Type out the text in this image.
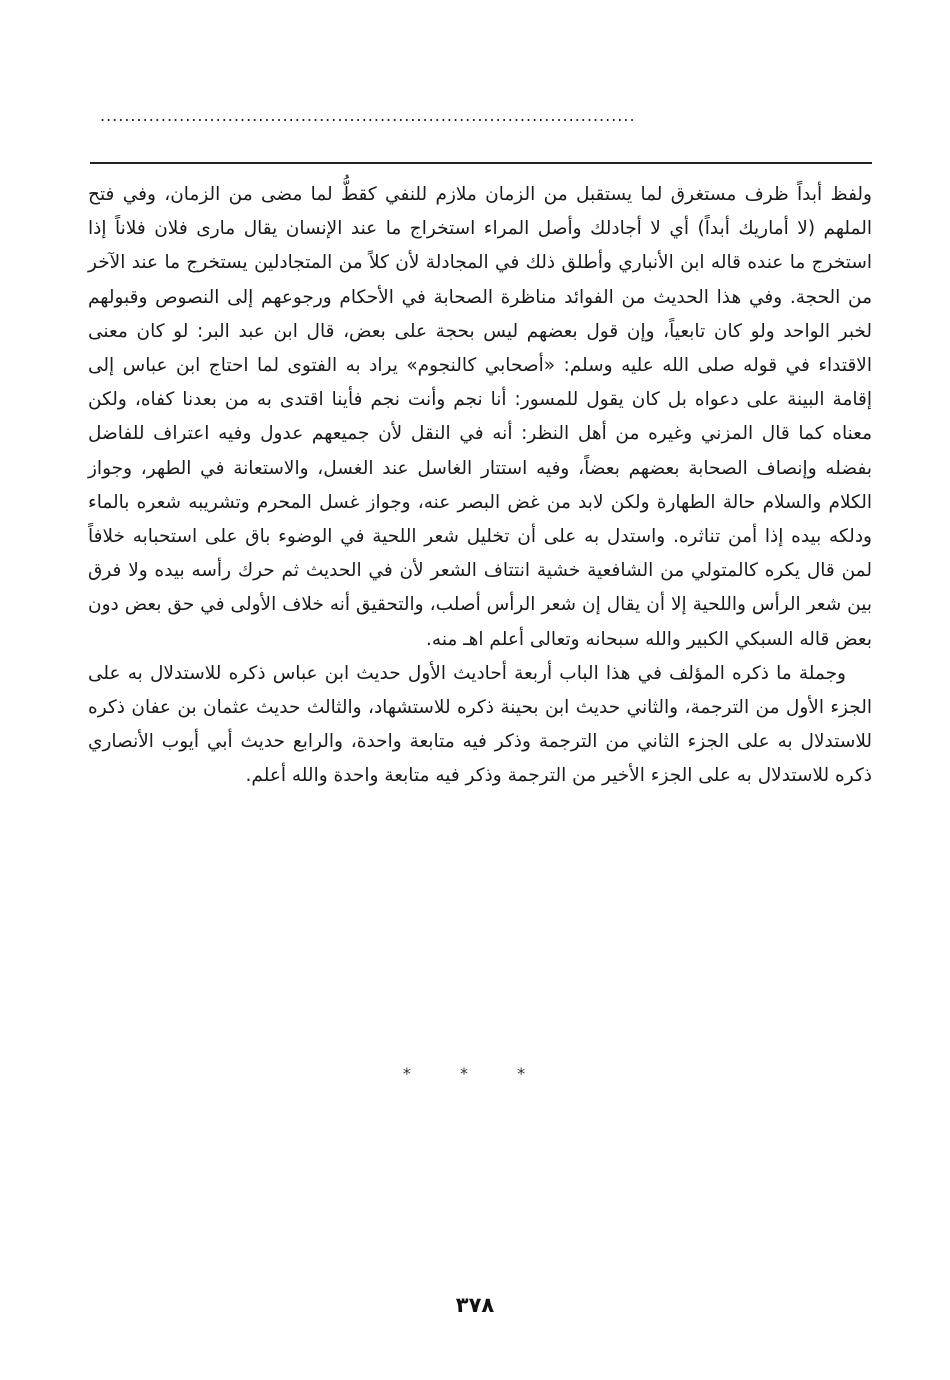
........................................................................................

ولفظ أبداً ظرف مستغرق لما يستقبل من الزمان ملازم للنفي كقطُّ لما مضى من الزمان، وفي فتح الملهم (لا أماريك أبداً) أي لا أجادلك وأصل المراء استخراج ما عند الإنسان يقال مارى فلان فلاناً إذا استخرج ما عنده قاله ابن الأنباري وأطلق ذلك في المجادلة لأن كلاً من المتجادلين يستخرج ما عند الآخر من الحجة. وفي هذا الحديث من الفوائد مناظرة الصحابة في الأحكام ورجوعهم إلى النصوص وقبولهم لخبر الواحد ولو كان تابعياً، وإن قول بعضهم ليس بحجة على بعض، قال ابن عبد البر: لو كان معنى الاقتداء في قوله صلى الله عليه وسلم: «أصحابي كالنجوم» يراد به الفتوى لما احتاج ابن عباس إلى إقامة البينة على دعواه بل كان يقول للمسور: أنا نجم وأنت نجم فأينا اقتدى به من بعدنا كفاه، ولكن معناه كما قال المزني وغيره من أهل النظر: أنه في النقل لأن جميعهم عدول وفيه اعتراف للفاضل بفضله وإنصاف الصحابة بعضهم بعضاً، وفيه استتار الغاسل عند الغسل، والاستعانة في الطهر، وجواز الكلام والسلام حالة الطهارة ولكن لابد من غض البصر عنه، وجواز غسل المحرم وتشريبه شعره بالماء ودلكه بيده إذا أمن تناثره. واستدل به على أن تخليل شعر اللحية في الوضوء باق على استحبابه خلافاً لمن قال يكره كالمتولي من الشافعية خشية انتتاف الشعر لأن في الحديث ثم حرك رأسه بيده ولا فرق بين شعر الرأس واللحية إلا أن يقال إن شعر الرأس أصلب، والتحقيق أنه خلاف الأولى في حق بعض دون بعض قاله السبكي الكبير والله سبحانه وتعالى أعلم اهـ منه.

وجملة ما ذكره المؤلف في هذا الباب أربعة أحاديث الأول حديث ابن عباس ذكره للاستدلال به على الجزء الأول من الترجمة، والثاني حديث ابن بحينة ذكره للاستشهاد، والثالث حديث عثمان بن عفان ذكره للاستدلال به على الجزء الثاني من الترجمة وذكر فيه متابعة واحدة، والرابع حديث أبي أيوب الأنصاري ذكره للاستدلال به على الجزء الأخير من الترجمة وذكر فيه متابعة واحدة والله أعلم.

* * *
٣٧٨
